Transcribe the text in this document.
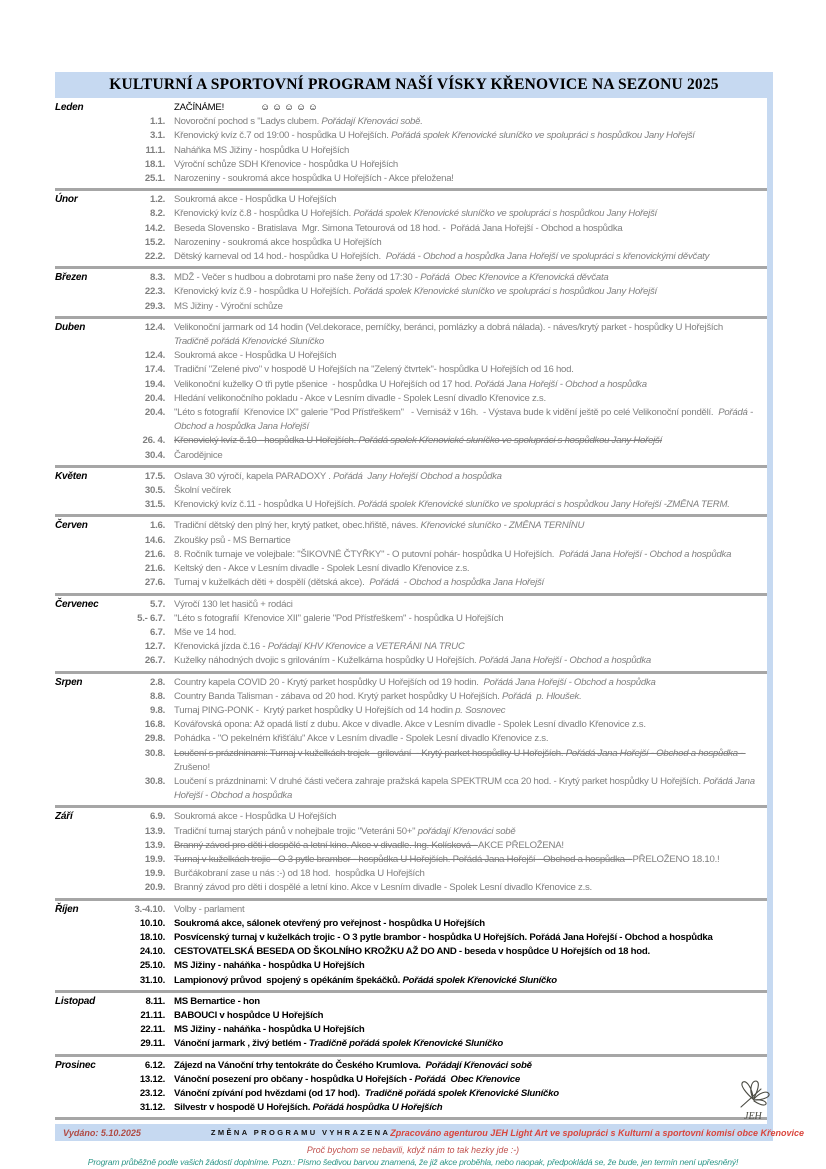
KULTURNÍ A SPORTOVNÍ PROGRAM NAŠÍ VÍSKY KŘENOVICE NA SEZONU 2025
Leden	ZAČÍNÁME!               ☺ ☺ ☺ ☺ ☺
1.1. Novoroční pochod s "Ladys clubem. Pořádají Křenováci sobě.
3.1. Křenovický kvíz č.7 od 19:00 - hospůdka U Hořejších. Pořádá spolek Křenovické sluníčko ve spolupráci s hospůdkou Jany Hořejší
11.1. Naháňka MS Jižiny - hospůdka U Hořejších
18.1. Výroční schůze SDH Křenovice - hospůdka U Hořejších
25.1. Narozeniny - soukromá akce hospůdka U Hořejších - Akce přeložena!
Únor	1.2. Soukromá akce - Hospůdka U Hořejších
8.2. Křenovický kvíz č.8 - hospůdka U Hořejších. Pořádá spolek Křenovické sluníčko ve spolupráci s hospůdkou Jany Hořejší
14.2. Beseda Slovensko - Bratislava  Mgr. Simona Tetourová od 18 hod. -  Pořádá Jana Hořejší - Obchod a hospůdka
15.2. Narozeniny - soukromá akce hospůdka U Hořejších
22.2. Dětský karneval od 14 hod.- hospůdka U Hořejších.  Pořádá - Obchod a hospůdka Jana Hořejší ve spolupráci s křenovickými děvčaty
Březen	8.3. MDŽ - Večer s hudbou a dobrotami pro naše ženy od 17:30 - Pořádá  Obec Křenovice a Křenovická děvčata
22.3. Křenovický kvíz č.9 - hospůdka U Hořejších. Pořádá spolek Křenovické sluníčko ve spolupráci s hospůdkou Jany Hořejší
29.3. MS Jižiny - Výroční schůze
Duben	12.4. Velikonoční jarmark od 14 hodin (Vel.dekorace, perníčky, beránci, pomlázky a dobrá nálada). - náves/krytý parket - hospůdky U Hořejších
Tradičně pořádá Křenovické Sluníčko
12.4. Soukromá akce - Hospůdka U Hořejších
17.4. Tradiční "Zelené pivo" v hospodě U Hořejších na "Zelený čtvrtek"- hospůdka U Hořejších od 16 hod.
19.4. Velikonoční kuželky O tři pytle pšenice  - hospůdka U Hořejších od 17 hod. Pořádá Jana Hořejší - Obchod a hospůdka
20.4. Hledání velikonočního pokladu - Akce v Lesním divadle - Spolek Lesní divadlo Křenovice z.s.
20.4. "Léto s fotografií  Křenovice IX" galerie "Pod Přístřeškem"   - Vernisáž v 16h.  - Výstava bude k vidění ještě po celé Velikonoční pondělí.  Pořádá - Obchod a hospůdka Jana Hořejší
26. 4. Křenovický kvíz č.10 - hospůdka U Hořejších. Pořádá spolek Křenovické sluníčko ve spolupráci s hospůdkou Jany Hořejší
30.4. Čarodějnice
Květen	17.5. Oslava 30 výročí, kapela PARADOXY . Pořádá  Jany Hořejší Obchod a hospůdka
30.5. Školní večírek
31.5. Křenovický kvíz č.11 - hospůdka U Hořejších. Pořádá spolek Křenovické sluníčko ve spolupráci s hospůdkou Jany Hořejší -ZMĚNA TERM.
Červen	1.6. Tradiční dětský den plný her, krytý patket, obec.hřiště, náves. Křenovické sluníčko - ZMĚNA TERNÍNU
14.6. Zkoušky psů - MS Bernartice
21.6. 8. Ročník turnaje ve volejbale: "ŠIKOVNÉ ČTYŘKY" - O putovní pohár- hospůdka U Hořejších.  Pořádá Jana Hořejší - Obchod a hospůdka
21.6. Keltský den - Akce v Lesním divadle - Spolek Lesní divadlo Křenovice z.s.
27.6. Turnaj v kuželkách děti + dospělí (dětská akce).  Pořádá  - Obchod a hospůdka Jana Hořejší
Červenec	5.7. Výročí 130 let hasičů + rodáci
5.- 6.7. "Léto s fotografií  Křenovice XII" galerie "Pod Přístřeškem" - hospůdka U Hořejších
6.7. Mše ve 14 hod.
12.7. Křenovická jízda č.16 - Pořádají KHV Křenovice a VETERÁNI NA TRUC
26.7. Kuželky náhodných dvojic s grilováním - Kuželkárna hospůdky U Hořejších. Pořádá Jana Hořejší - Obchod a hospůdka
Srpen	2.8. Country kapela COVID 20 - Krytý parket hospůdky U Hořejších od 19 hodin.  Pořádá Jana Hořejší - Obchod a hospůdka
8.8. Country Banda Talisman - zábava od 20 hod. Krytý parket hospůdky U Hořejších. Pořádá  p. Hloušek.
9.8. Turnaj PING-PONK -  Krytý parket hospůdky U Hořejších od 14 hodin p. Sosnovec
16.8. Kovářovská opona: Až opadá listí z dubu. Akce v divadle. Akce v Lesním divadle - Spolek Lesní divadlo Křenovice z.s.
29.8. Pohádka - "O pekelném křišťálu" Akce v Lesním divadle - Spolek Lesní divadlo Křenovice z.s.
30.8. Loučení s prázdninami: Turnaj v kuželkách trojek - grilování  - Krytý parket hospůdky U Hořejších. Pořádá Jana Hořejší - Obchod a hospůdka -
Zrušeno!
30.8. Loučení s prázdninami: V druhé části večera zahraje pražská kapela SPEKTRUM cca 20 hod. - Krytý parket hospůdky U Hořejších. Pořádá Jana Hořejší - Obchod a hospůdka
Září	6.9. Soukromá akce - Hospůdka U Hořejších
13.9. Tradiční turnaj starých pánů v nohejbale trojic "Veteráni 50+" pořádají Křenováci sobě
13.9. Branný závod pro děti i dospělé a letní kino. Akce v divadle. Ing. Kolísková - AKCE PŘELOŽENA!
19.9. Turnaj v kuželkách trojic - O 3 pytle brambor - hospůdka U Hořejších. Pořádá Jana Hořejší - Obchod a hospůdka - PŘELOŽENO 18.10.!
19.9. Burčákobraní zase u nás :-) od 18 hod.  hospůdka U Hořejších
20.9. Branný závod pro děti i dospělé a letní kino. Akce v Lesním divadle - Spolek Lesní divadlo Křenovice z.s.
Říjen	3.-4.10. Volby - parlament
10.10. Soukromá akce, sálonek otevřený pro veřejnost - hospůdka U Hořejších
18.10. Posvícenský turnaj v kuželkách trojic - O 3 pytle brambor - hospůdka U Hořejších. Pořádá Jana Hořejší - Obchod a hospůdka
24.10. CESTOVATELSKÁ BESEDA OD ŠKOLNÍHO KROŽKU AŽ DO AND - beseda v hospůdce U Hořejších od 18 hod.
25.10. MS Jižiny - naháňka - hospůdka U Hořejších
31.10. Lampionový průvod  spojený s opékáním špekáčků. Pořádá spolek Křenovické Sluníčko
Listopad	8.11. MS Bernartice - hon
21.11. BABOUCI v hospůdce U Hořejších
22.11. MS Jižiny - naháňka - hospůdka U Hořejších
29.11. Vánoční jarmark , živý betlém - Tradičně pořádá spolek Křenovické Sluníčko
Prosinec	6.12. Zájezd na Vánoční trhy tentokráte do Českého Krumlova.  Pořádají Křenováci sobě
13.12. Vánoční posezení pro občany - hospůdka U Hořejších - Pořádá  Obec Křenovice
23.12. Vánoční zpívání pod hvězdami (od 17 hod).  Tradičně pořádá spolek Křenovické Sluníčko
31.12. Silvestr v hospodě U Hořejších. Pořádá hospůdka U Hořejších
JEH
Vydáno: 5.10.2025	ZMĚNA PROGRAMU VYHRAZENA Zpracováno agenturou JEH Light Art ve spolupráci s Kulturní a sportovní komisí obce Křenovice
Proč bychom se nebavili, když nám to tak hezky jde :-)
Program průběžně podle vašich žádostí doplníme. Pozn.: Písmo šedivou barvou znamená, že již akce proběhla, nebo naopak, předpokládá se, že bude, jen termín není upřesněný!
